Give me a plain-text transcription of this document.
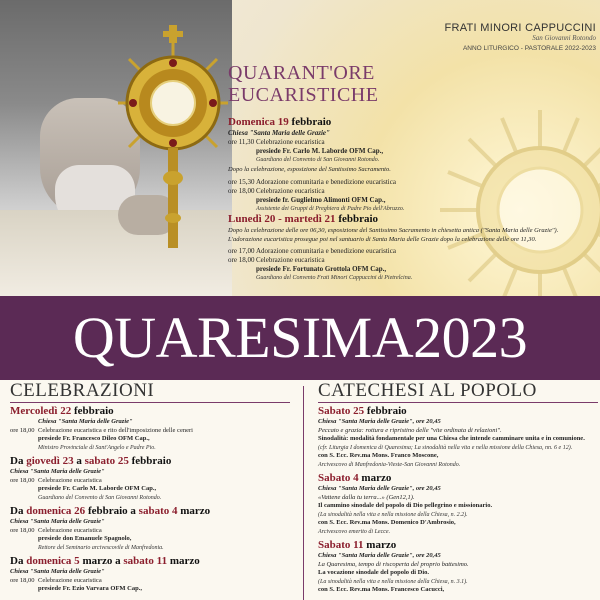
FRATI MINORI CAPPUCCINI
San Giovanni Rotondo
ANNO LITURGICO - PASTORALE 2022-2023
QUARANT'ORE
EUCARISTICHE
Domenica 19 febbraio
Chiesa "Santa Maria delle Grazie"
ore 11,30 Celebrazione eucaristica
presiede Fr. Carlo M. Laborde OFM Cap.,
Guardiano del Convento di San Giovanni Rotondo.
Dopo la celebrazione, esposizione del Santissimo Sacramento.
ore 15,30 Adorazione comunitaria e benedizione eucaristica
ore 18,00 Celebrazione eucaristica
presiede fr. Guglielmo Alimonti OFM Cap.,
Assistente dei Gruppi di Preghiera di Padre Pio dell'Abruzzo.
Lunedì 20 - martedì 21 febbraio
Dopo la celebrazione delle ore 06,30, esposizione del Santissimo Sacramento in chiesetta antica ("Santa Maria delle Grazie").
L'adorazione eucaristica prosegue poi nel santuario di Santa Maria delle Grazie dopo la celebrazione delle ore 11,30.
ore 17,00 Adorazione comunitaria e benedizione eucaristica
ore 18,00 Celebrazione eucaristica
presiede Fr. Fortunato Grottola OFM Cap.,
Guardiano del Convento Frati Minori Cappuccini di Pietrelcina.
QUARESIMA2023
CELEBRAZIONI
Mercoledì 22 febbraio
Chiesa "Santa Maria delle Grazie"
ore 18,00 Celebrazione eucaristica e rito dell'imposizione delle ceneri
presiede Fr. Francesco Dileo OFM Cap.,
Ministro Provinciale di Sant'Angelo e Padre Pio.
Da giovedì 23 a sabato 25 febbraio
Chiesa "Santa Maria delle Grazie"
ore 18,00 Celebrazione eucaristica
presiede Fr. Carlo M. Laborde OFM Cap.,
Guardiano del Convento di San Giovanni Rotondo.
Da domenica 26 febbraio a sabato 4 marzo
Chiesa "Santa Maria delle Grazie"
ore 18,00 Celebrazione eucaristica
presiede don Emanuele Spagnolo,
Rettore del Seminario arcivescovile di Manfredonia.
Da domenica 5 marzo a sabato 11 marzo
Chiesa "Santa Maria delle Grazie"
ore 18,00 Celebrazione eucaristica
presiede Fr. Ezio Varvara OFM Cap.,
CATECHESI AL POPOLO
Sabato 25 febbraio
Chiesa "Santa Maria delle Grazie", ore 20,45
Peccato e grazia: rottura e ripristino delle "vite ordinata di relazioni".
Sinodalità: modalità fondamentale per una Chiesa che intende camminare unita e in comunione.
(cfr. Liturgia I domenica di Quaresima; La sinodalità nella vita e nella missione della Chiesa, nn. 6 e 12).
con S. Ecc. Rev.ma Mons. Franco Moscone,
Arcivescovo di Manfredonia-Vieste-San Giovanni Rotondo.
Sabato 4 marzo
Chiesa "Santa Maria delle Grazie", ore 20,45
«Vattene dalla tu terra...» (Gen12,1).
Il cammino sinodale del popolo di Dio pellegrino e missionario.
(La sinodalità nella vita e nella missione della Chiesa, n. 2.2).
con S. Ecc. Rev.ma Mons. Domenico D'Ambrosio,
Arcivescovo emerito di Lecce.
Sabato 11 marzo
Chiesa "Santa Maria delle Grazie", ore 20,45
La Quaresima, tempo di riscoperta del proprio battesimo.
La vocazione sinodale del popolo di Dio.
(La sinodalità nella vita e nella missione della Chiesa, n. 3.1).
con S. Ecc. Rev.ma Mons. Francesco Cacucci,
